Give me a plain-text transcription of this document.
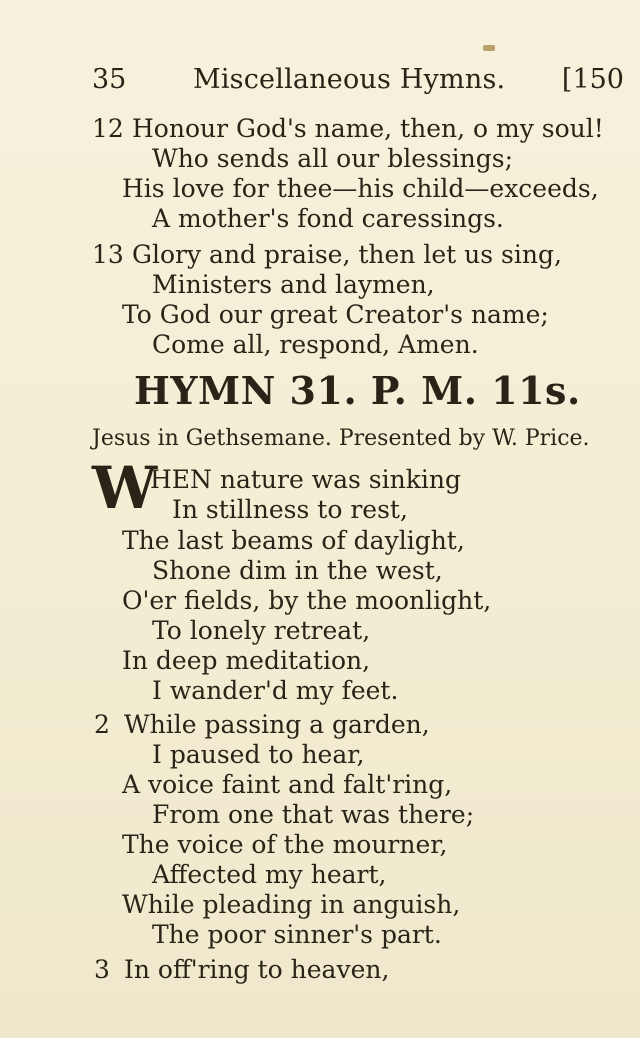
35 Miscellaneous Hymns. [150
12 Honour God's name, then, o my soul!
Who sends all our blessings;
His love for thee—his child—exceeds,
A mother's fond caressings.
13 Glory and praise, then let us sing,
Ministers and laymen,
To God our great Creator's name;
Come all, respond, Amen.
HYMN 31. P. M. 11s.
Jesus in Gethsemane. Presented by W. Price.
W
HEN nature was sinking
In stillness to rest,
The last beams of daylight,
Shone dim in the west,
O'er fields, by the moonlight,
To lonely retreat,
In deep meditation,
I wander'd my feet.
2 While passing a garden,
I paused to hear,
A voice faint and falt'ring,
From one that was there;
The voice of the mourner,
Affected my heart,
While pleading in anguish,
The poor sinner's part.
3 In off'ring to heaven,
